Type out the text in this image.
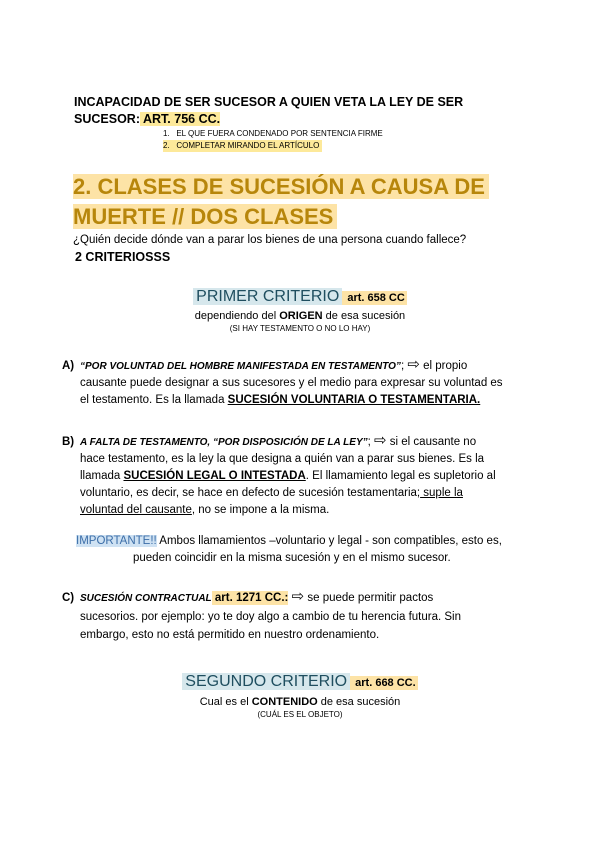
INCAPACIDAD DE SER SUCESOR A QUIEN VETA LA LEY DE SER

SUCESOR: ART. 756 CC.

1. EL QUE FUERA CONDENADO POR SENTENCIA FIRME

2. COMPLETAR MIRANDO EL ARTÍCULO

2. CLASES DE SUCESIÓN A CAUSA DE

MUERTE // DOS CLASES

¿Quién decide dónde van a parar los bienes de una persona cuando fallece?

2 CRITERIOSSS

PRIMER CRITERIO art. 658 CC

dependiendo del ORIGEN de esa sucesión

(SI HAY TESTAMENTO O NO LO HAY)

A) “POR VOLUNTAD DEL HOMBRE MANIFESTADA EN TESTAMENTO”; ⇨ el propio

causante puede designar a sus sucesores y el medio para expresar su voluntad es

el testamento. Es la llamada SUCESIÓN VOLUNTARIA O TESTAMENTARIA.

B) A FALTA DE TESTAMENTO, “POR DISPOSICIÓN DE LA LEY”; ⇨ si el causante no

hace testamento, es la ley la que designa a quién van a parar sus bienes. Es la

llamada SUCESIÓN LEGAL O INTESTADA. El llamamiento legal es supletorio al

voluntario, es decir, se hace en defecto de sucesión testamentaria; suple la

voluntad del causante, no se impone a la misma.

IMPORTANTE!! Ambos llamamientos –voluntario y legal - son compatibles, esto es,

pueden coincidir en la misma sucesión y en el mismo sucesor.

C) SUCESIÓN CONTRACTUAL art. 1271 CC.: ⇨ se puede permitir pactos

sucesorios. por ejemplo: yo te doy algo a cambio de tu herencia futura. Sin

embargo, esto no está permitido en nuestro ordenamiento.

SEGUNDO CRITERIO art. 668 CC.

Cual es el CONTENIDO de esa sucesión

(CUÁL ES EL OBJETO)
